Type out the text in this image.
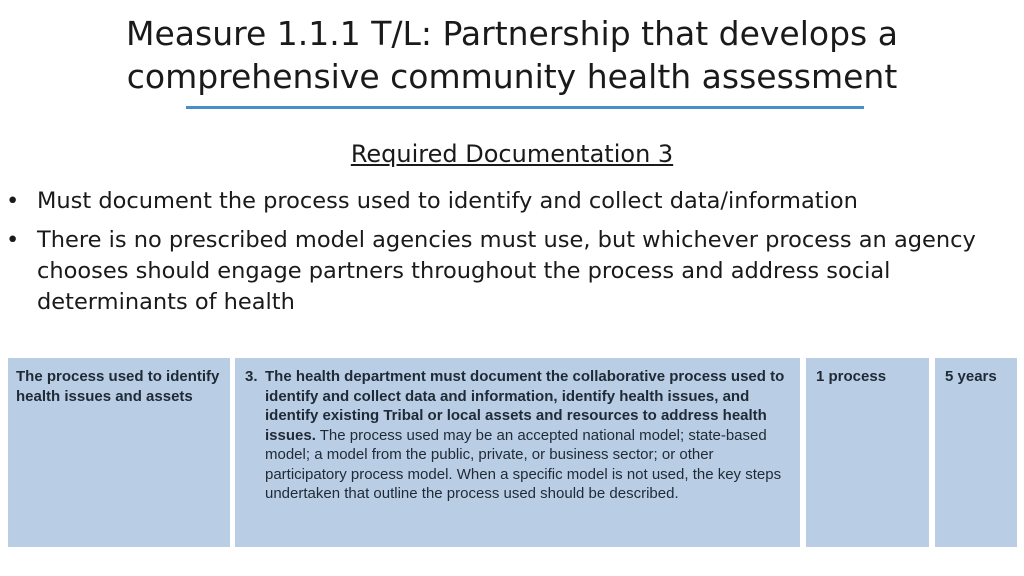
Measure 1.1.1 T/L: Partnership that develops a
comprehensive community health assessment
Required Documentation 3
• Must document the process used to identify and collect data/information
• There is no prescribed model agencies must use, but whichever process an agency chooses should engage partners throughout the process and address social determinants of health
The process used to identify health issues and assets
3. The health department must document the collaborative process used to identify and collect data and information, identify health issues, and identify existing Tribal or local assets and resources to address health issues. The process used may be an accepted national model; state-based model; a model from the public, private, or business sector; or other participatory process model. When a specific model is not used, the key steps undertaken that outline the process used should be described.
1 process	5 years
